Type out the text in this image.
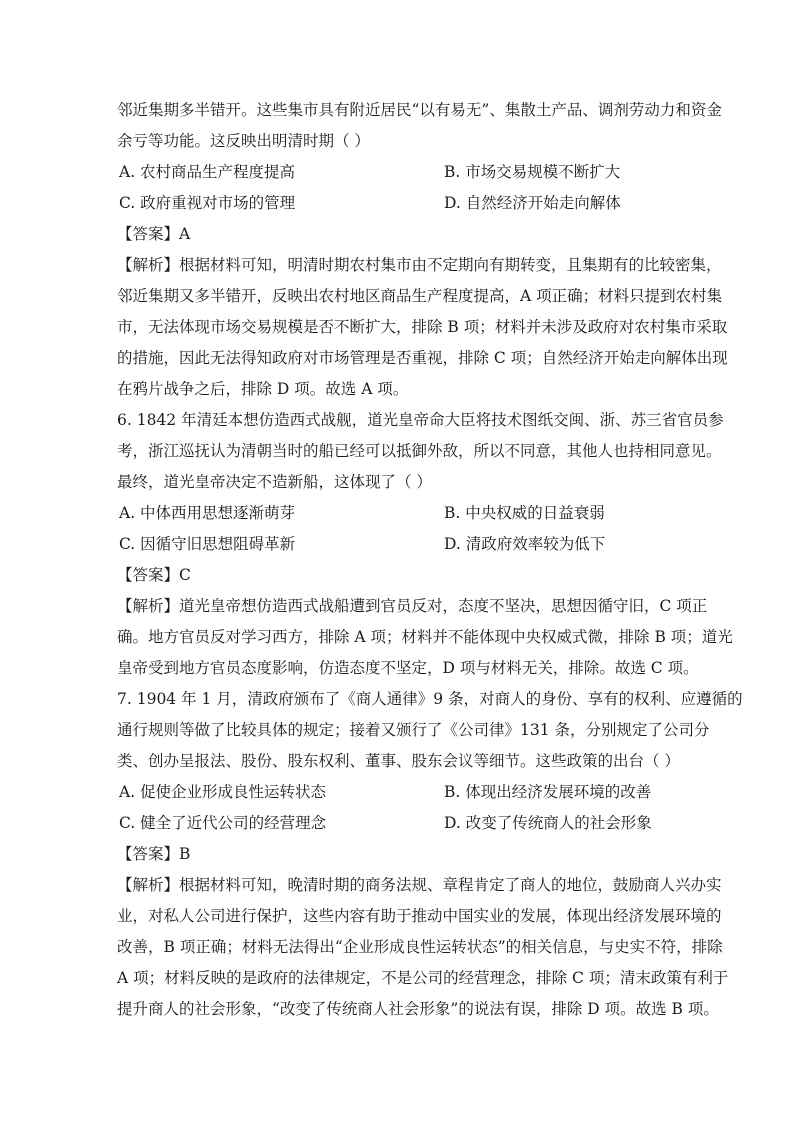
邻近集期多半错开。这些集市具有附近居民“以有易无”、集散土产品、调剂劳动力和资金
余亏等功能。这反映出明清时期（ ）
A. 农村商品生产程度提高	B. 市场交易规模不断扩大
C. 政府重视对市场的管理	D. 自然经济开始走向解体
【答案】A
【解析】根据材料可知，明清时期农村集市由不定期向有期转变，且集期有的比较密集，
邻近集期又多半错开，反映出农村地区商品生产程度提高，A 项正确；材料只提到农村集
市，无法体现市场交易规模是否不断扩大，排除 B 项；材料并未涉及政府对农村集市采取
的措施，因此无法得知政府对市场管理是否重视，排除 C 项；自然经济开始走向解体出现
在鸦片战争之后，排除 D 项。故选 A 项。
6. 1842 年清廷本想仿造西式战舰，道光皇帝命大臣将技术图纸交闽、浙、苏三省官员参
考，浙江巡抚认为清朝当时的船已经可以抵御外敌，所以不同意，其他人也持相同意见。
最终，道光皇帝决定不造新船，这体现了（ ）
A. 中体西用思想逐渐萌芽	B. 中央权威的日益衰弱
C. 因循守旧思想阻碍革新	D. 清政府效率较为低下
【答案】C
【解析】道光皇帝想仿造西式战船遭到官员反对，态度不坚决，思想因循守旧，C 项正
确。地方官员反对学习西方，排除 A 项；材料并不能体现中央权威式微，排除 B 项；道光
皇帝受到地方官员态度影响，仿造态度不坚定，D 项与材料无关，排除。故选 C 项。
7. 1904 年 1 月，清政府颁布了《商人通律》9 条，对商人的身份、享有的权利、应遵循的
通行规则等做了比较具体的规定；接着又颁行了《公司律》131 条，分别规定了公司分
类、创办呈报法、股份、股东权利、董事、股东会议等细节。这些政策的出台（ ）
A. 促使企业形成良性运转状态	B. 体现出经济发展环境的改善
C. 健全了近代公司的经营理念	D. 改变了传统商人的社会形象
【答案】B
【解析】根据材料可知，晚清时期的商务法规、章程肯定了商人的地位，鼓励商人兴办实
业，对私人公司进行保护，这些内容有助于推动中国实业的发展，体现出经济发展环境的
改善，B 项正确；材料无法得出“企业形成良性运转状态”的相关信息，与史实不符，排除
A 项；材料反映的是政府的法律规定，不是公司的经营理念，排除 C 项；清末政策有利于
提升商人的社会形象，“改变了传统商人社会形象”的说法有误，排除 D 项。故选 B 项。
